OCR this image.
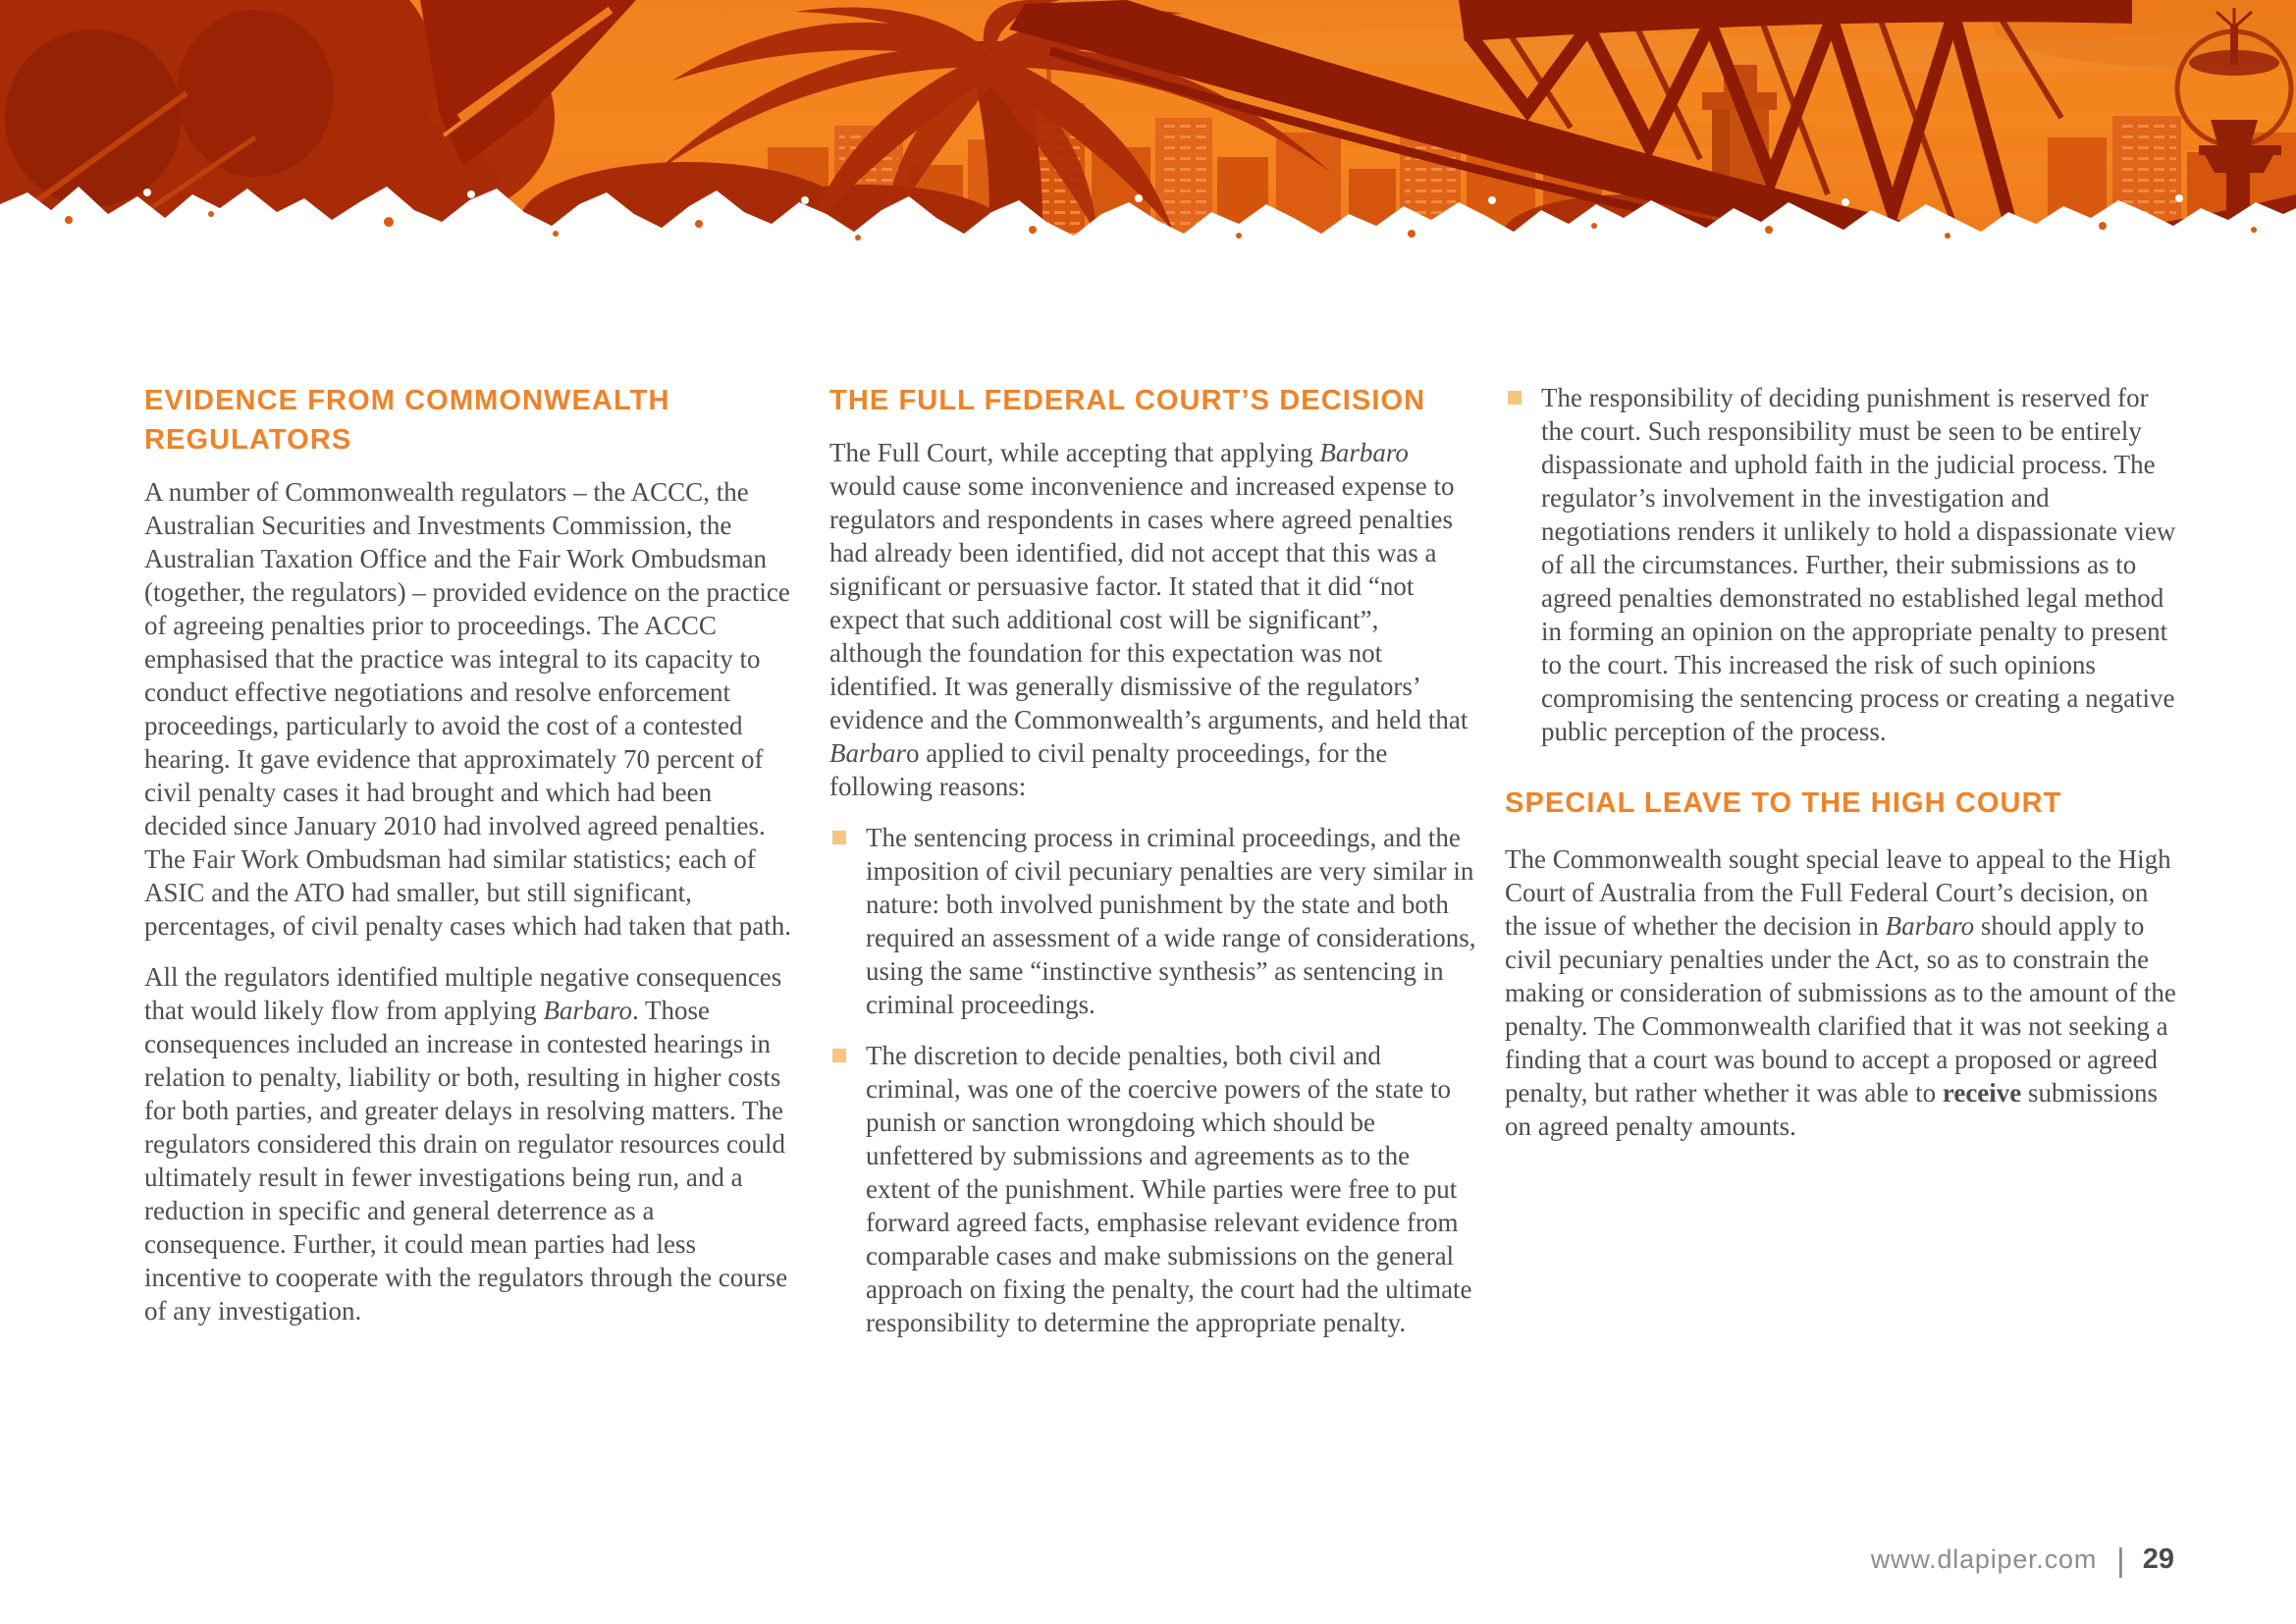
EVIDENCE FROM COMMONWEALTH REGULATORS

A number of Commonwealth regulators – the ACCC, the Australian Securities and Investments Commission, the Australian Taxation Office and the Fair Work Ombudsman (together, the regulators) – provided evidence on the practice of agreeing penalties prior to proceedings. The ACCC emphasised that the practice was integral to its capacity to conduct effective negotiations and resolve enforcement proceedings, particularly to avoid the cost of a contested hearing. It gave evidence that approximately 70 percent of civil penalty cases it had brought and which had been decided since January 2010 had involved agreed penalties. The Fair Work Ombudsman had similar statistics; each of ASIC and the ATO had smaller, but still significant, percentages, of civil penalty cases which had taken that path.

All the regulators identified multiple negative consequences that would likely flow from applying Barbaro. Those consequences included an increase in contested hearings in relation to penalty, liability or both, resulting in higher costs for both parties, and greater delays in resolving matters. The regulators considered this drain on regulator resources could ultimately result in fewer investigations being run, and a reduction in specific and general deterrence as a consequence. Further, it could mean parties had less incentive to cooperate with the regulators through the course of any investigation.

THE FULL FEDERAL COURT’S DECISION

The Full Court, while accepting that applying Barbaro would cause some inconvenience and increased expense to regulators and respondents in cases where agreed penalties had already been identified, did not accept that this was a significant or persuasive factor. It stated that it did “not expect that such additional cost will be significant”, although the foundation for this expectation was not identified. It was generally dismissive of the regulators’ evidence and the Commonwealth’s arguments, and held that Barbaro applied to civil penalty proceedings, for the following reasons:

The sentencing process in criminal proceedings, and the imposition of civil pecuniary penalties are very similar in nature: both involved punishment by the state and both required an assessment of a wide range of considerations, using the same “instinctive synthesis” as sentencing in criminal proceedings.
The discretion to decide penalties, both civil and criminal, was one of the coercive powers of the state to punish or sanction wrongdoing which should be unfettered by submissions and agreements as to the extent of the punishment. While parties were free to put forward agreed facts, emphasise relevant evidence from comparable cases and make submissions on the general approach on fixing the penalty, the court had the ultimate responsibility to determine the appropriate penalty.
The responsibility of deciding punishment is reserved for the court. Such responsibility must be seen to be entirely dispassionate and uphold faith in the judicial process. The regulator’s involvement in the investigation and negotiations renders it unlikely to hold a dispassionate view of all the circumstances. Further, their submissions as to agreed penalties demonstrated no established legal method in forming an opinion on the appropriate penalty to present to the court. This increased the risk of such opinions compromising the sentencing process or creating a negative public perception of the process.
SPECIAL LEAVE TO THE HIGH COURT

The Commonwealth sought special leave to appeal to the High Court of Australia from the Full Federal Court’s decision, on the issue of whether the decision in Barbaro should apply to civil pecuniary penalties under the Act, so as to constrain the making or consideration of submissions as to the amount of the penalty. The Commonwealth clarified that it was not seeking a finding that a court was bound to accept a proposed or agreed penalty, but rather whether it was able to receive submissions on agreed penalty amounts.

www.dlapiper.com | 29
